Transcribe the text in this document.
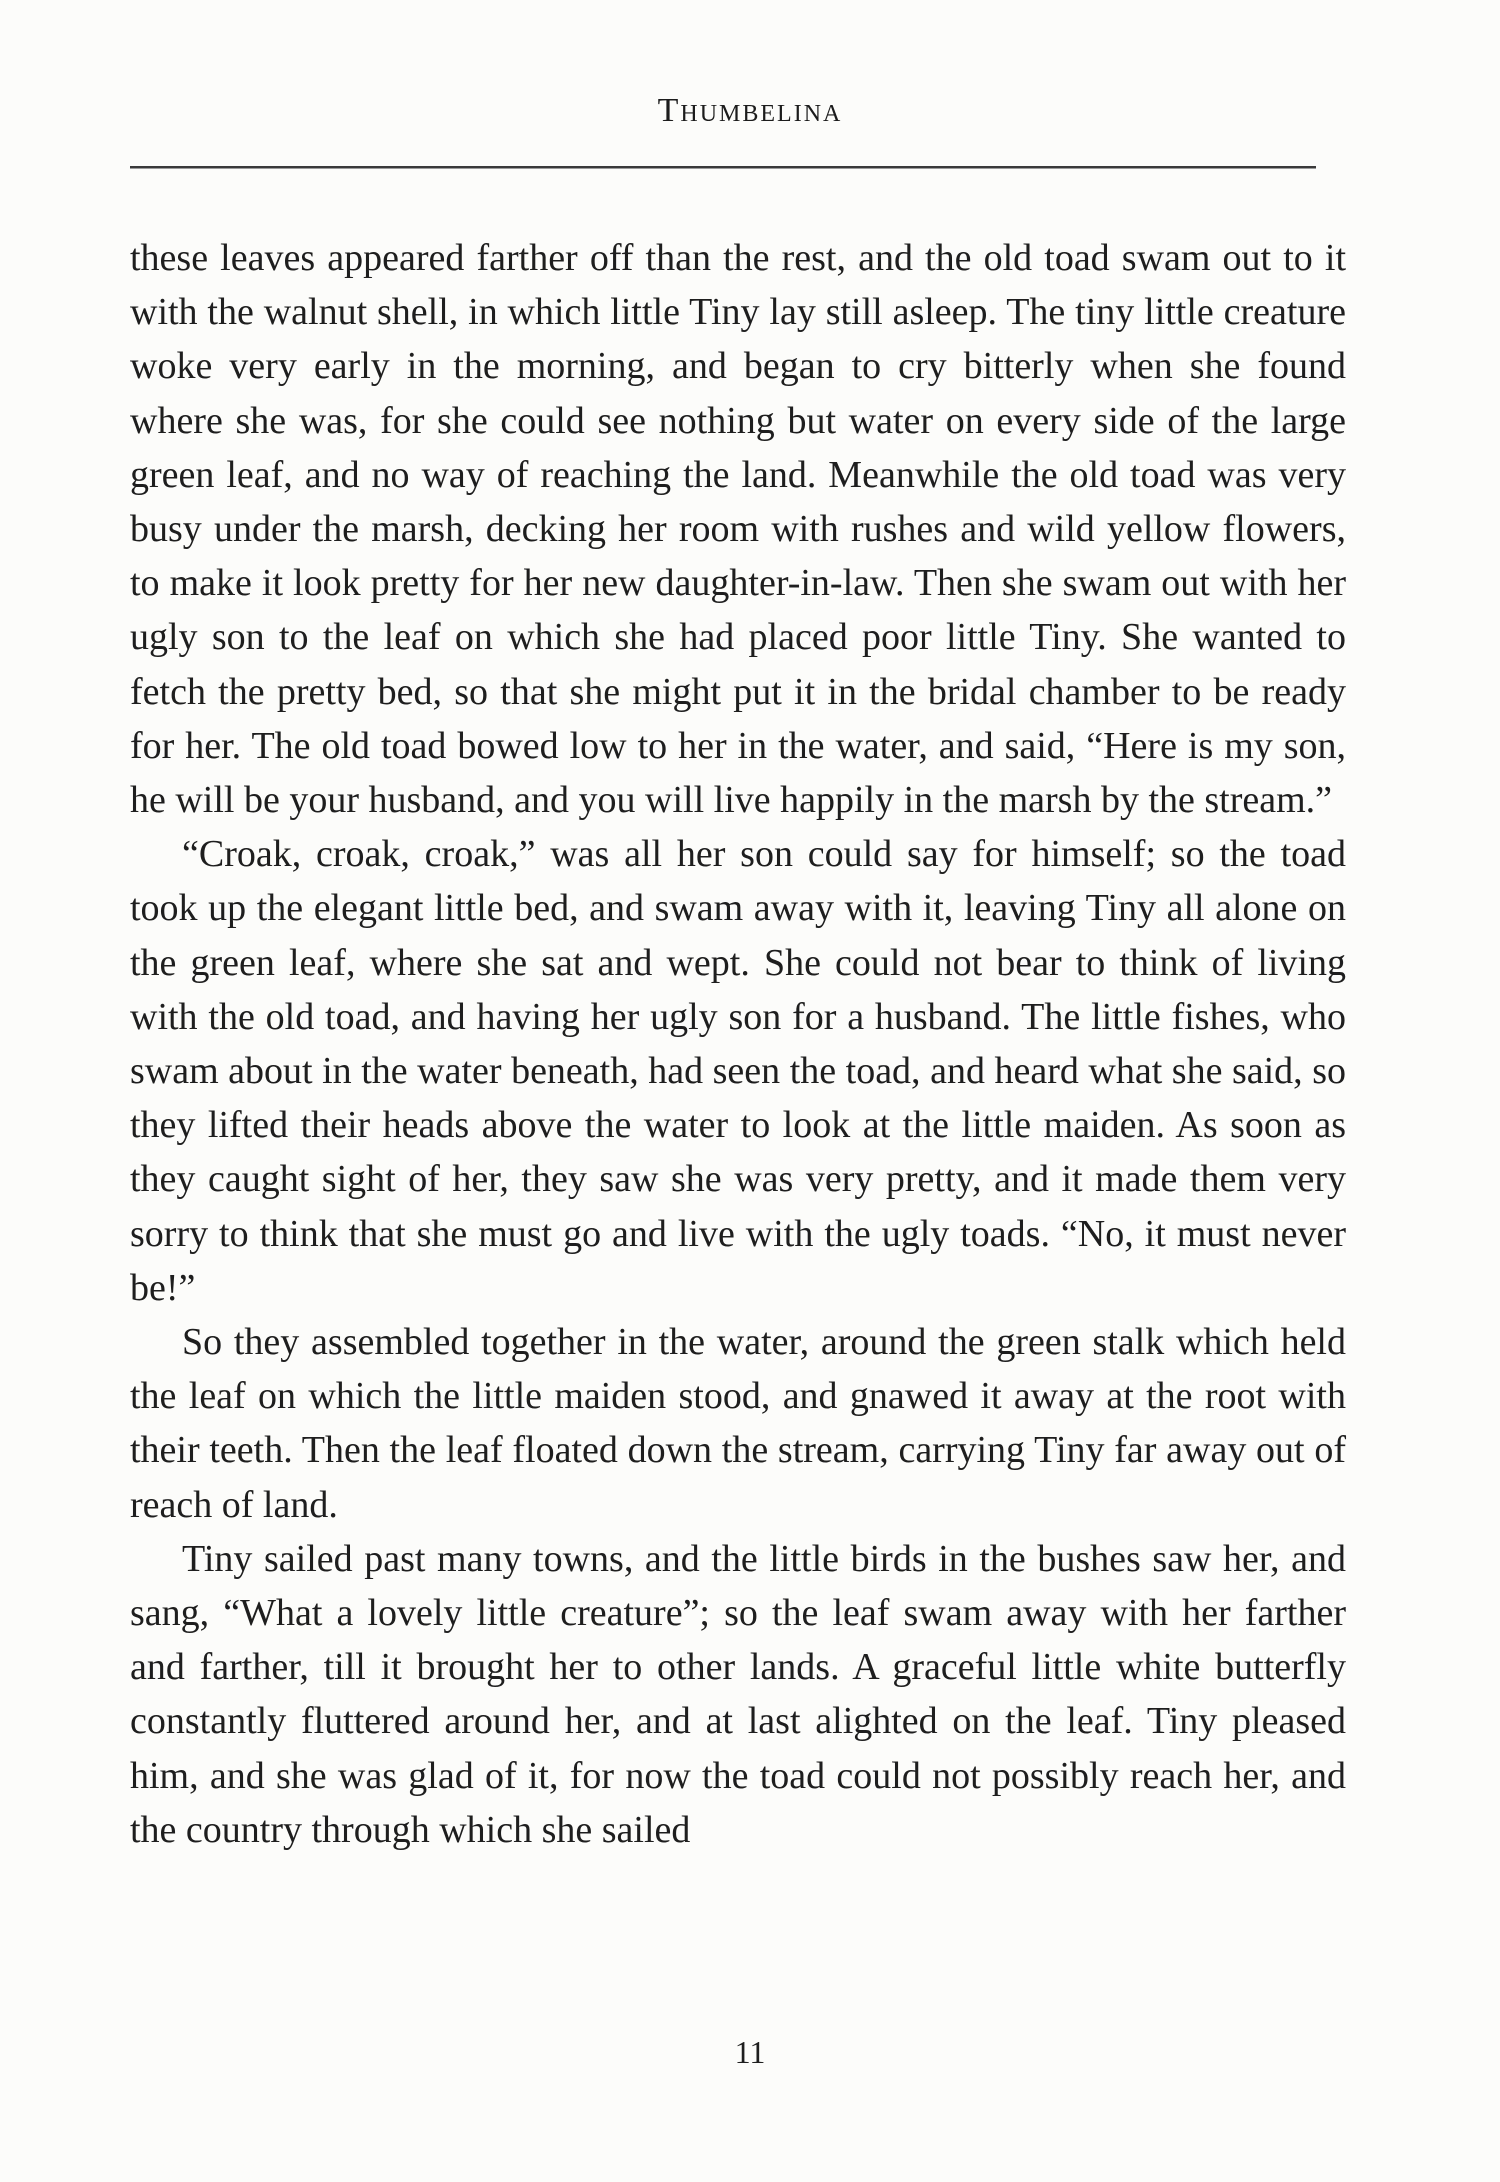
Thumbelina

these leaves appeared farther off than the rest, and the old toad swam out to it with the walnut shell, in which little Tiny lay still asleep. The tiny little creature woke very early in the morning, and began to cry bitterly when she found where she was, for she could see nothing but water on every side of the large green leaf, and no way of reaching the land. Meanwhile the old toad was very busy under the marsh, decking her room with rushes and wild yellow flowers, to make it look pretty for her new daughter-in-law. Then she swam out with her ugly son to the leaf on which she had placed poor little Tiny. She wanted to fetch the pretty bed, so that she might put it in the bridal chamber to be ready for her. The old toad bowed low to her in the water, and said, “Here is my son, he will be your husband, and you will live happily in the marsh by the stream.”

“Croak, croak, croak,” was all her son could say for himself; so the toad took up the elegant little bed, and swam away with it, leaving Tiny all alone on the green leaf, where she sat and wept. She could not bear to think of living with the old toad, and having her ugly son for a husband. The little fishes, who swam about in the water beneath, had seen the toad, and heard what she said, so they lifted their heads above the water to look at the little maiden. As soon as they caught sight of her, they saw she was very pretty, and it made them very sorry to think that she must go and live with the ugly toads. “No, it must never be!”

So they assembled together in the water, around the green stalk which held the leaf on which the little maiden stood, and gnawed it away at the root with their teeth. Then the leaf floated down the stream, carrying Tiny far away out of reach of land.

Tiny sailed past many towns, and the little birds in the bushes saw her, and sang, “What a lovely little creature”; so the leaf swam away with her farther and farther, till it brought her to other lands. A graceful little white butterfly constantly fluttered around her, and at last alighted on the leaf. Tiny pleased him, and she was glad of it, for now the toad could not possibly reach her, and the country through which she sailed

11
